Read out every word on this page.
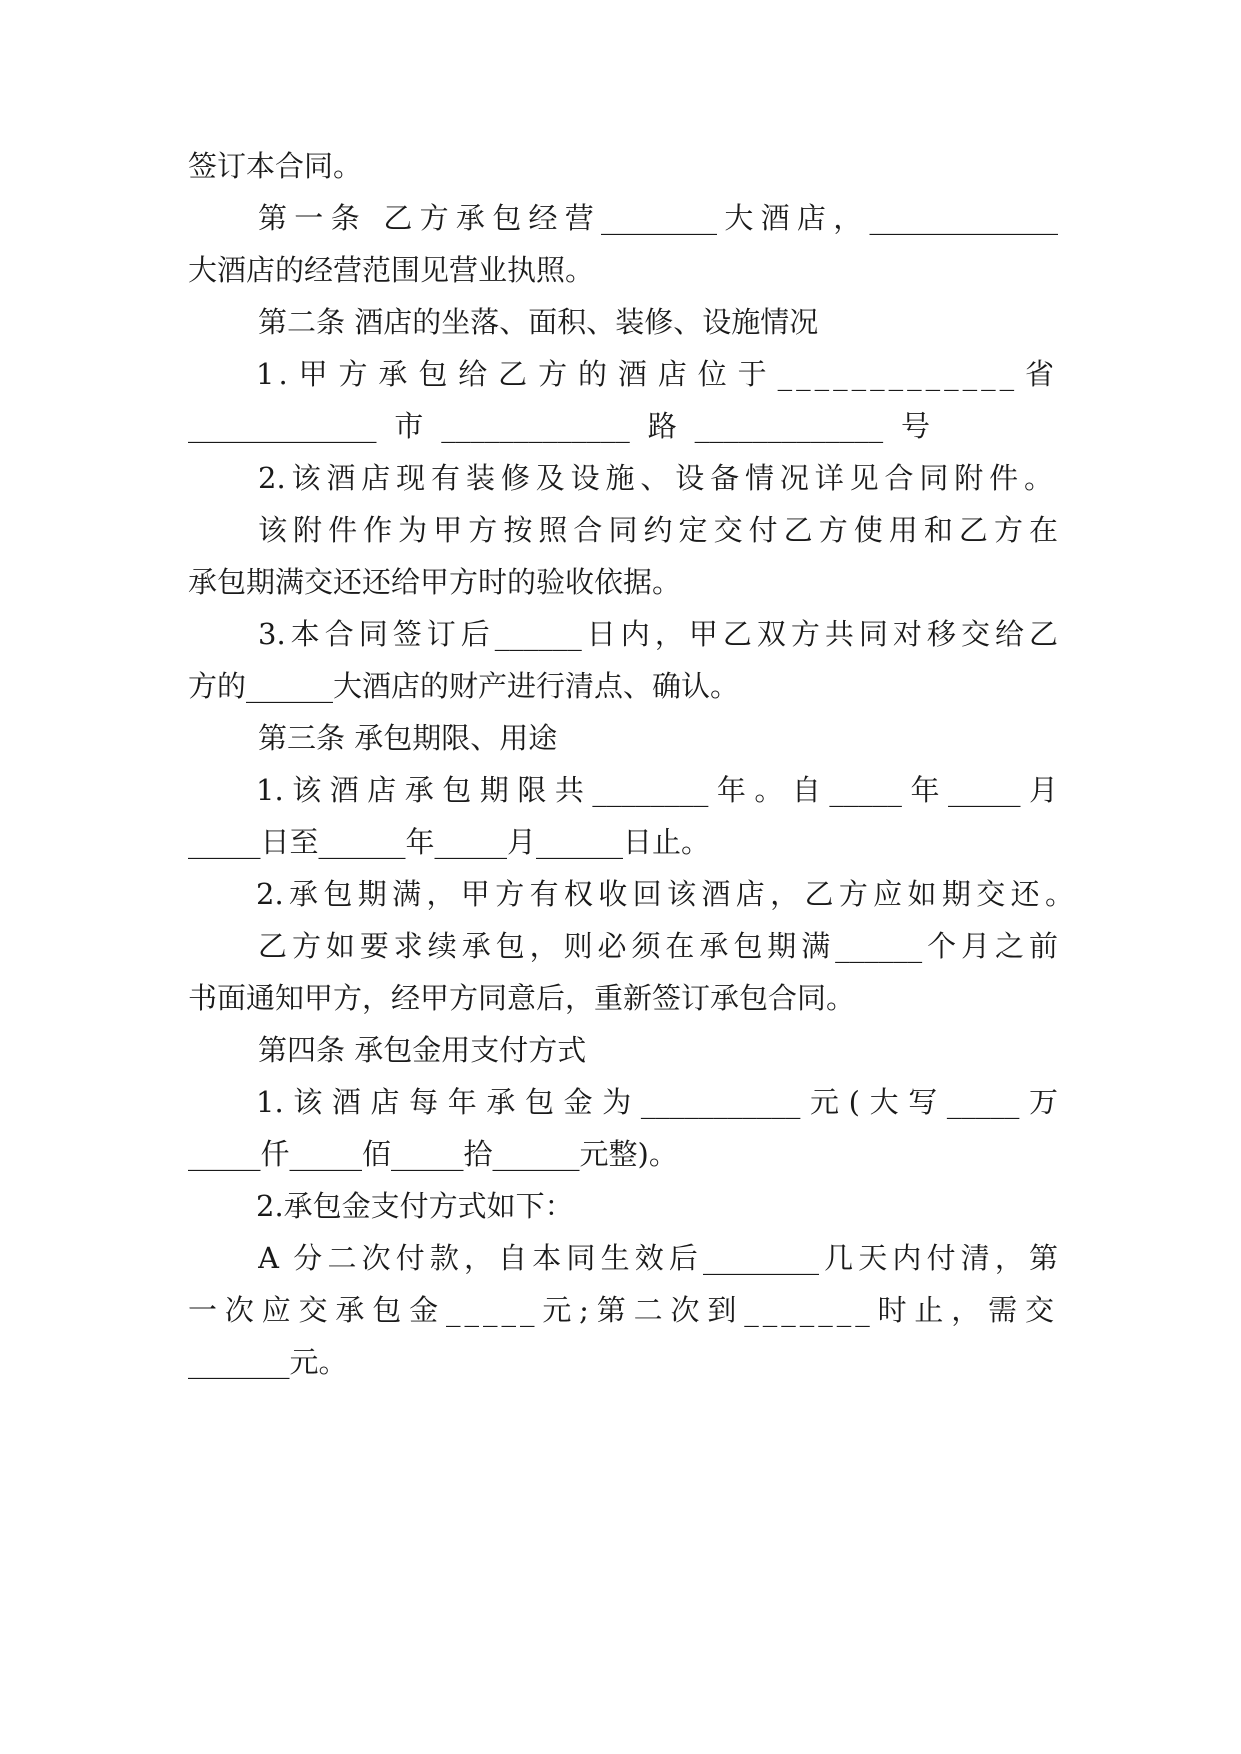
签订本合同。
第一条 乙方承包经营________大酒店，_____________
大酒店的经营范围见营业执照。
第二条 酒店的坐落、面积、装修、设施情况
1.甲方承包给乙方的酒店位于_____________省
_____________市_____________路_____________号
2.该酒店现有装修及设施、设备情况详见合同附件。
该附件作为甲方按照合同约定交付乙方使用和乙方在
承包期满交还还给甲方时的验收依据。
3.本合同签订后______日内，甲乙双方共同对移交给乙
方的______大酒店的财产进行清点、确认。
第三条 承包期限、用途
1.该酒店承包期限共________年。自_____年_____月
_____日至______年_____月______日止。
2.承包期满，甲方有权收回该酒店，乙方应如期交还。
乙方如要求续承包，则必须在承包期满______个月之前
书面通知甲方，经甲方同意后，重新签订承包合同。
第四条 承包金用支付方式
1.该酒店每年承包金为___________元(大写_____万
_____仟_____佰_____拾______元整)。
2.承包金支付方式如下：
A 分二次付款，自本同生效后________几天内付清，第
一次应交承包金_____元;第二次到_______时止，需交
_______元。
